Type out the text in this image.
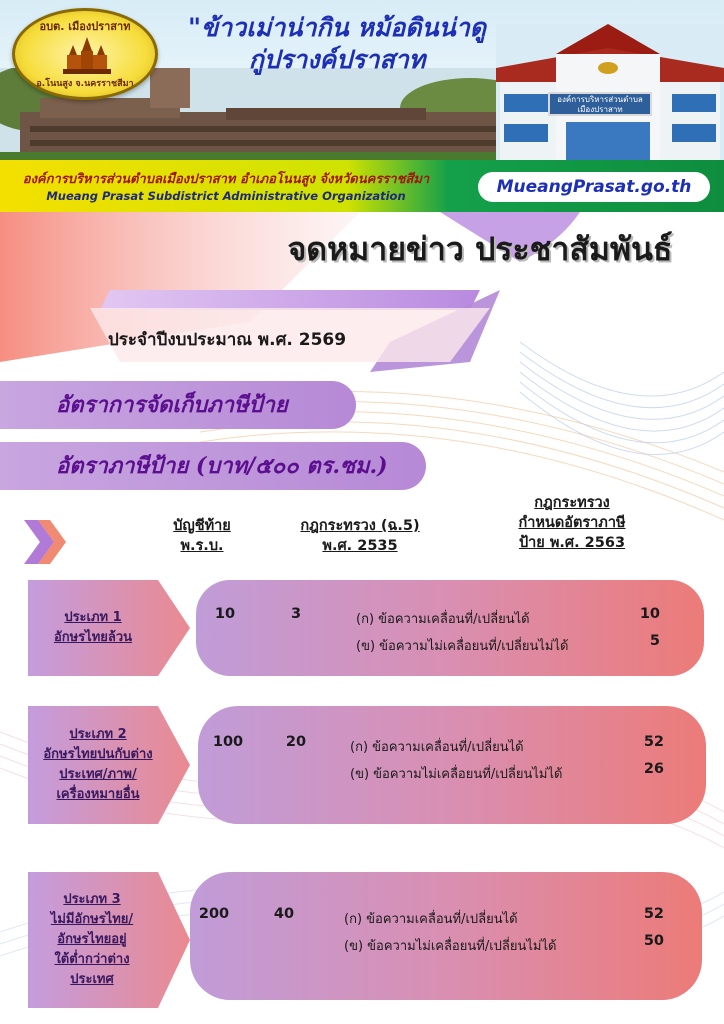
อบต. เมืองปราสาท
อ.โนนสูง จ.นครราชสีมา
"ข้าวเม่าน่ากิน หม้อดินน่าดู
กู่ปรางค์ปราสาท
องค์การบริหารส่วนตำบล เมืองปราสาท
องค์การบริหารส่วนตำบลเมืองปราสาท อำเภอโนนสูง จังหวัดนครราชสีมา
Mueang Prasat Subdistrict Administrative Organization	MueangPrasat.go.th
จดหมายข่าว ประชาสัมพันธ์
ประจำปีงบประมาณ พ.ศ. 2569
อัตราการจัดเก็บภาษีป้าย
อัตราภาษีป้าย (บาท/๕๐๐ ตร.ซม.)
บัญชีท้าย
พ.ร.บ.
กฎกระทรวง (ฉ.5)
พ.ศ. 2535
กฎกระทรวง
กำหนดอัตราภาษี
ป้าย พ.ศ. 2563
ประเภท 1
อักษรไทยล้วน
10	3	(ก) ข้อความเคลื่อนที่/เปลี่ยนได้	10
(ข) ข้อความไม่เคลื่อยนที่/เปลี่ยนไม่ได้	5
ประเภท 2
อักษรไทยปนกับต่าง
ประเทศ/ภาพ/
เครื่องหมายอื่น
100	20	(ก) ข้อความเคลื่อนที่/เปลี่ยนได้	52
(ข) ข้อความไม่เคลื่อยนที่/เปลี่ยนไม่ได้	26
ประเภท 3
ไม่มีอักษรไทย/
อักษรไทยอยู่
ใต้ต่ำกว่าต่าง
ประเทศ
200	40	(ก) ข้อความเคลื่อนที่/เปลี่ยนได้	52
(ข) ข้อความไม่เคลื่อยนที่/เปลี่ยนไม่ได้	50
